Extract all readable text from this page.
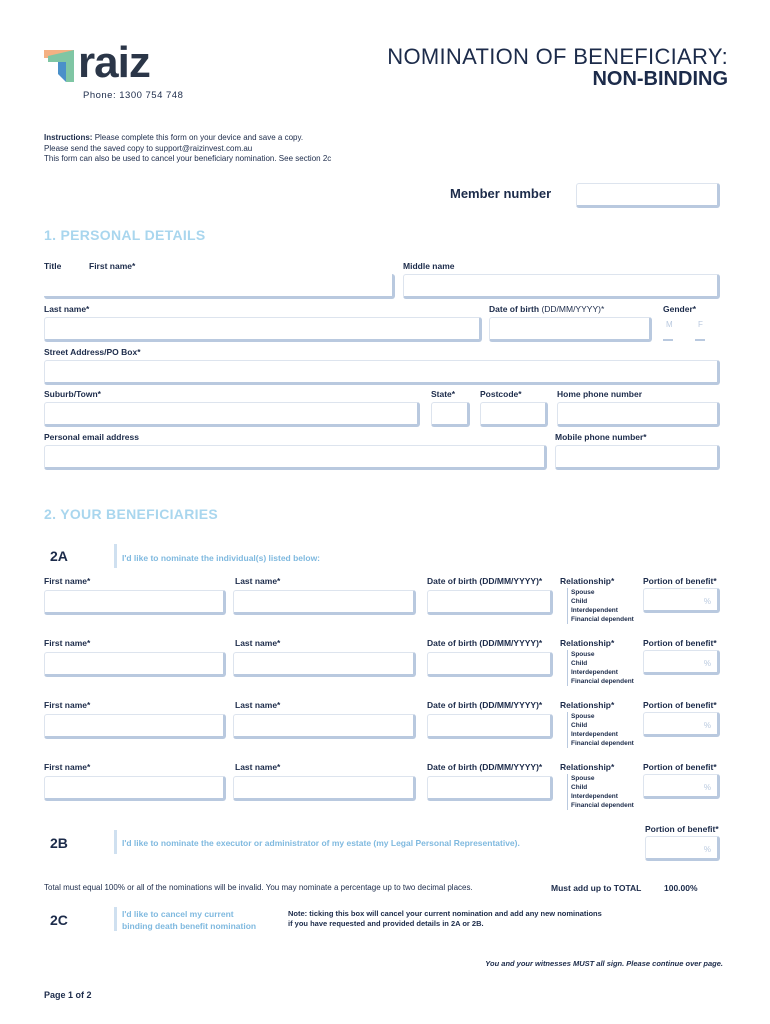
raiz
Phone: 1300 754 748
NOMINATION OF BENEFICIARY:
NON-BINDING
Instructions: Please complete this form on your device and save a copy.
Please send the saved copy to support@raizinvest.com.au
This form can also be used to cancel your beneficiary nomination. See section 2c
Member number
1. PERSONAL DETAILS
Title	First name*	Middle name
Last name*	Date of birth (DD/MM/YYYY)*	Gender*
M	F
Street Address/PO Box*
Suburb/Town*	State*	Postcode*	Home phone number
Personal email address	Mobile phone number*
2. YOUR BENEFICIARIES
2A	I'd like to nominate the individual(s) listed below:
First name*	Last name*	Date of birth (DD/MM/YYYY)* Relationship*	Portion of benefit*
Spouse
Child
Interdependent
Financial dependent
%
First name*	Last name*	Date of birth (DD/MM/YYYY)* Relationship*	Portion of benefit*
Spouse
Child
Interdependent
Financial dependent
%
First name*	Last name*	Date of birth (DD/MM/YYYY)* Relationship*	Portion of benefit*
Spouse
Child
Interdependent
Financial dependent
%
First name*	Last name*	Date of birth (DD/MM/YYYY)* Relationship*	Portion of benefit*
Spouse
Child
Interdependent
Financial dependent
%
Portion of benefit*
2B	I'd like to nominate the executor or administrator of my estate (my Legal Personal Representative).
%
Total must equal 100% or all of the nominations will be invalid. You may nominate a percentage up to two decimal places.	Must add up to TOTAL	100.00%
2C	I'd like to cancel my current
binding death benefit nomination
Note: ticking this box will cancel your current nomination and add any new nominations
if you have requested and provided details in 2A or 2B.
You and your witnesses MUST all sign. Please continue over page.
Page 1 of 2
